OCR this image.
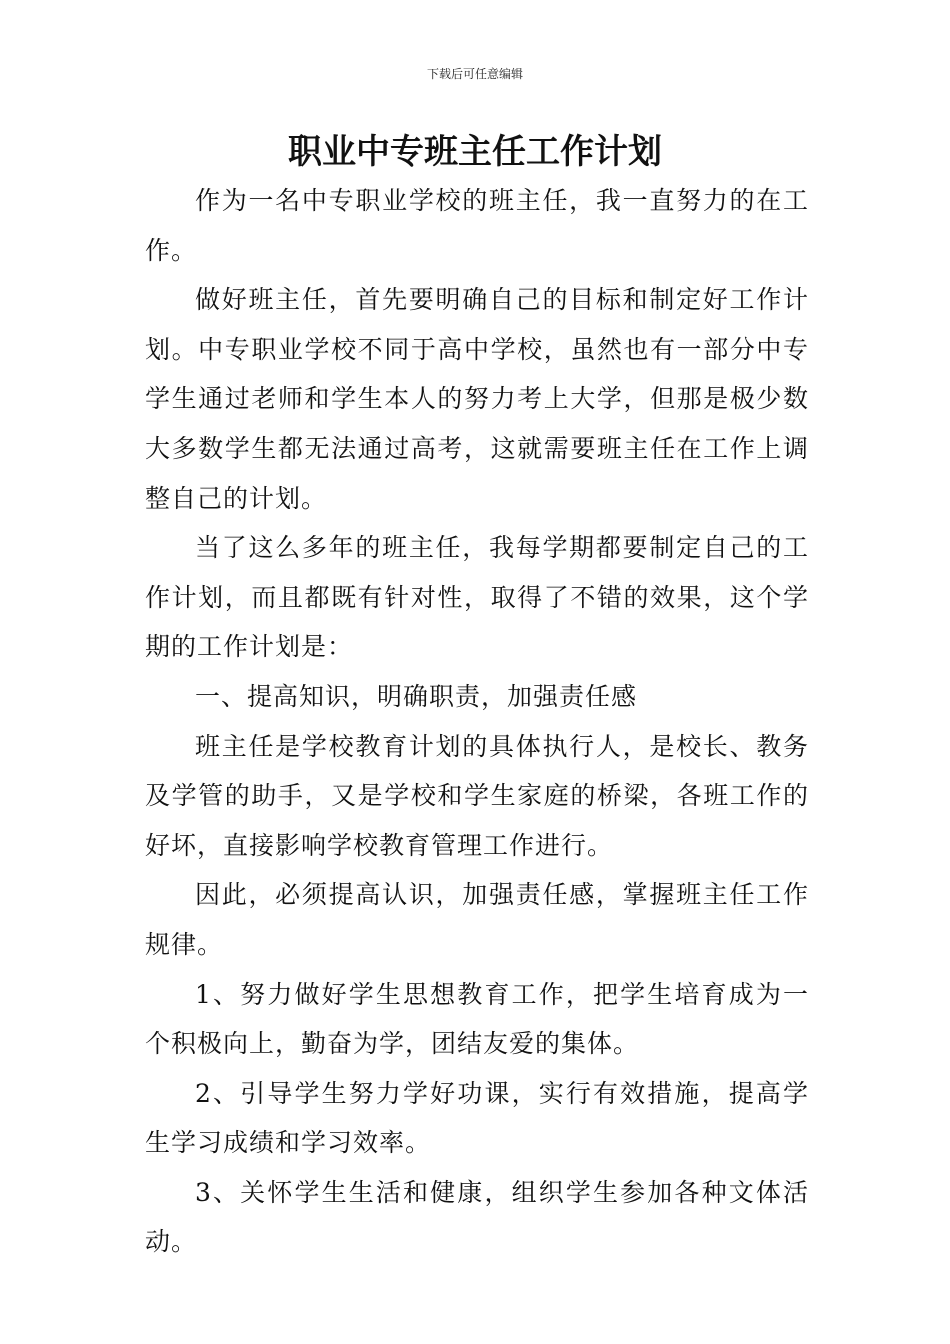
下载后可任意编辑
职业中专班主任工作计划

作为一名中专职业学校的班主任，我一直努力的在工作。

做好班主任，首先要明确自己的目标和制定好工作计划。中专职业学校不同于高中学校，虽然也有一部分中专学生通过老师和学生本人的努力考上大学，但那是极少数大多数学生都无法通过高考，这就需要班主任在工作上调整自己的计划。

当了这么多年的班主任，我每学期都要制定自己的工作计划，而且都既有针对性，取得了不错的效果，这个学期的工作计划是：

一、提高知识，明确职责，加强责任感

班主任是学校教育计划的具体执行人，是校长、教务及学管的助手，又是学校和学生家庭的桥梁，各班工作的好坏，直接影响学校教育管理工作进行。

因此，必须提高认识，加强责任感，掌握班主任工作规律。

1、努力做好学生思想教育工作，把学生培育成为一个积极向上，勤奋为学，团结友爱的集体。

2、引导学生努力学好功课，实行有效措施，提高学生学习成绩和学习效率。

3、关怀学生生活和健康，组织学生参加各种文体活动。
